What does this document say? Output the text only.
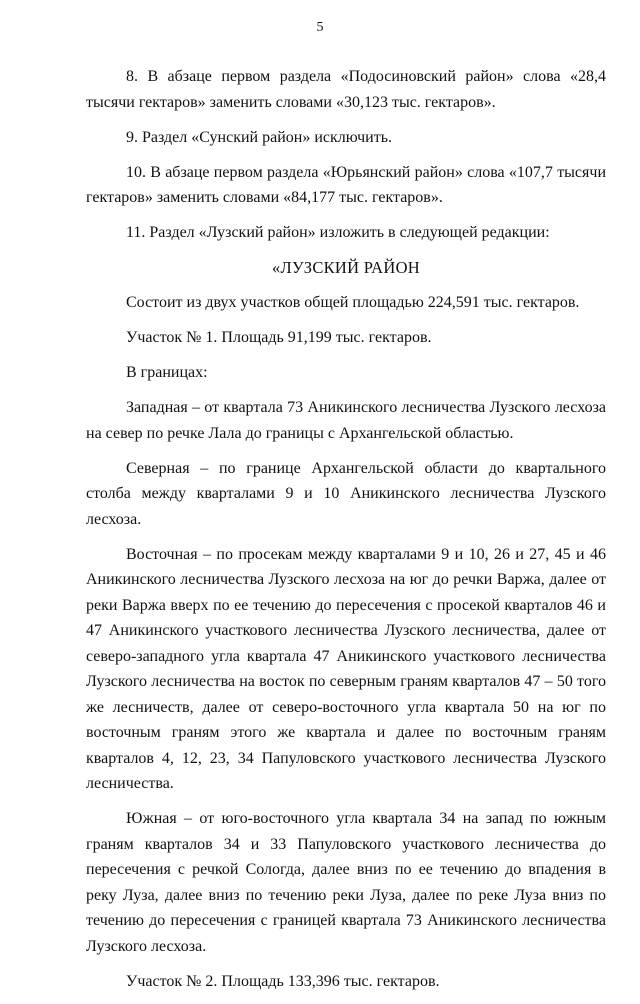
5

8. В абзаце первом раздела «Подосиновский район» слова «28,4 тысячи гектаров» заменить словами «30,123 тыс. гектаров».

9. Раздел «Сунский район» исключить.

10. В абзаце первом раздела «Юрьянский район» слова «107,7 тысячи гектаров» заменить словами «84,177 тыс. гектаров».

11. Раздел «Лузский район» изложить в следующей редакции:

«ЛУЗСКИЙ РАЙОН

Состоит из двух участков общей площадью 224,591 тыс. гектаров.

Участок № 1. Площадь 91,199 тыс. гектаров.

В границах:

Западная – от квартала 73 Аникинского лесничества Лузского лесхоза на север по речке Лала до границы с Архангельской областью.

Северная – по границе Архангельской области до квартального столба между кварталами 9 и 10 Аникинского лесничества Лузского лесхоза.

Восточная – по просекам между кварталами 9 и 10, 26 и 27, 45 и 46 Аникинского лесничества Лузского лесхоза на юг до речки Варжа, далее от реки Варжа вверх по ее течению до пересечения с просекой кварталов 46 и 47 Аникинского участкового лесничества Лузского лесничества, далее от северо-западного угла квартала 47 Аникинского участкового лесничества Лузского лесничества на восток по северным граням кварталов 47 – 50 того же лесничеств, далее от северо-восточного угла квартала 50 на юг по восточным граням этого же квартала и далее по восточным граням кварталов 4, 12, 23, 34 Папуловского участкового лесничества Лузского лесничества.

Южная – от юго-восточного угла квартала 34 на запад по южным граням кварталов 34 и 33 Папуловского участкового лесничества до пересечения с речкой Сологда, далее вниз по ее течению до впадения в реку Луза, далее вниз по течению реки Луза, далее по реке Луза вниз по течению до пересечения с границей квартала 73 Аникинского лесничества Лузского лесхоза.

Участок № 2. Площадь 133,396 тыс. гектаров.
